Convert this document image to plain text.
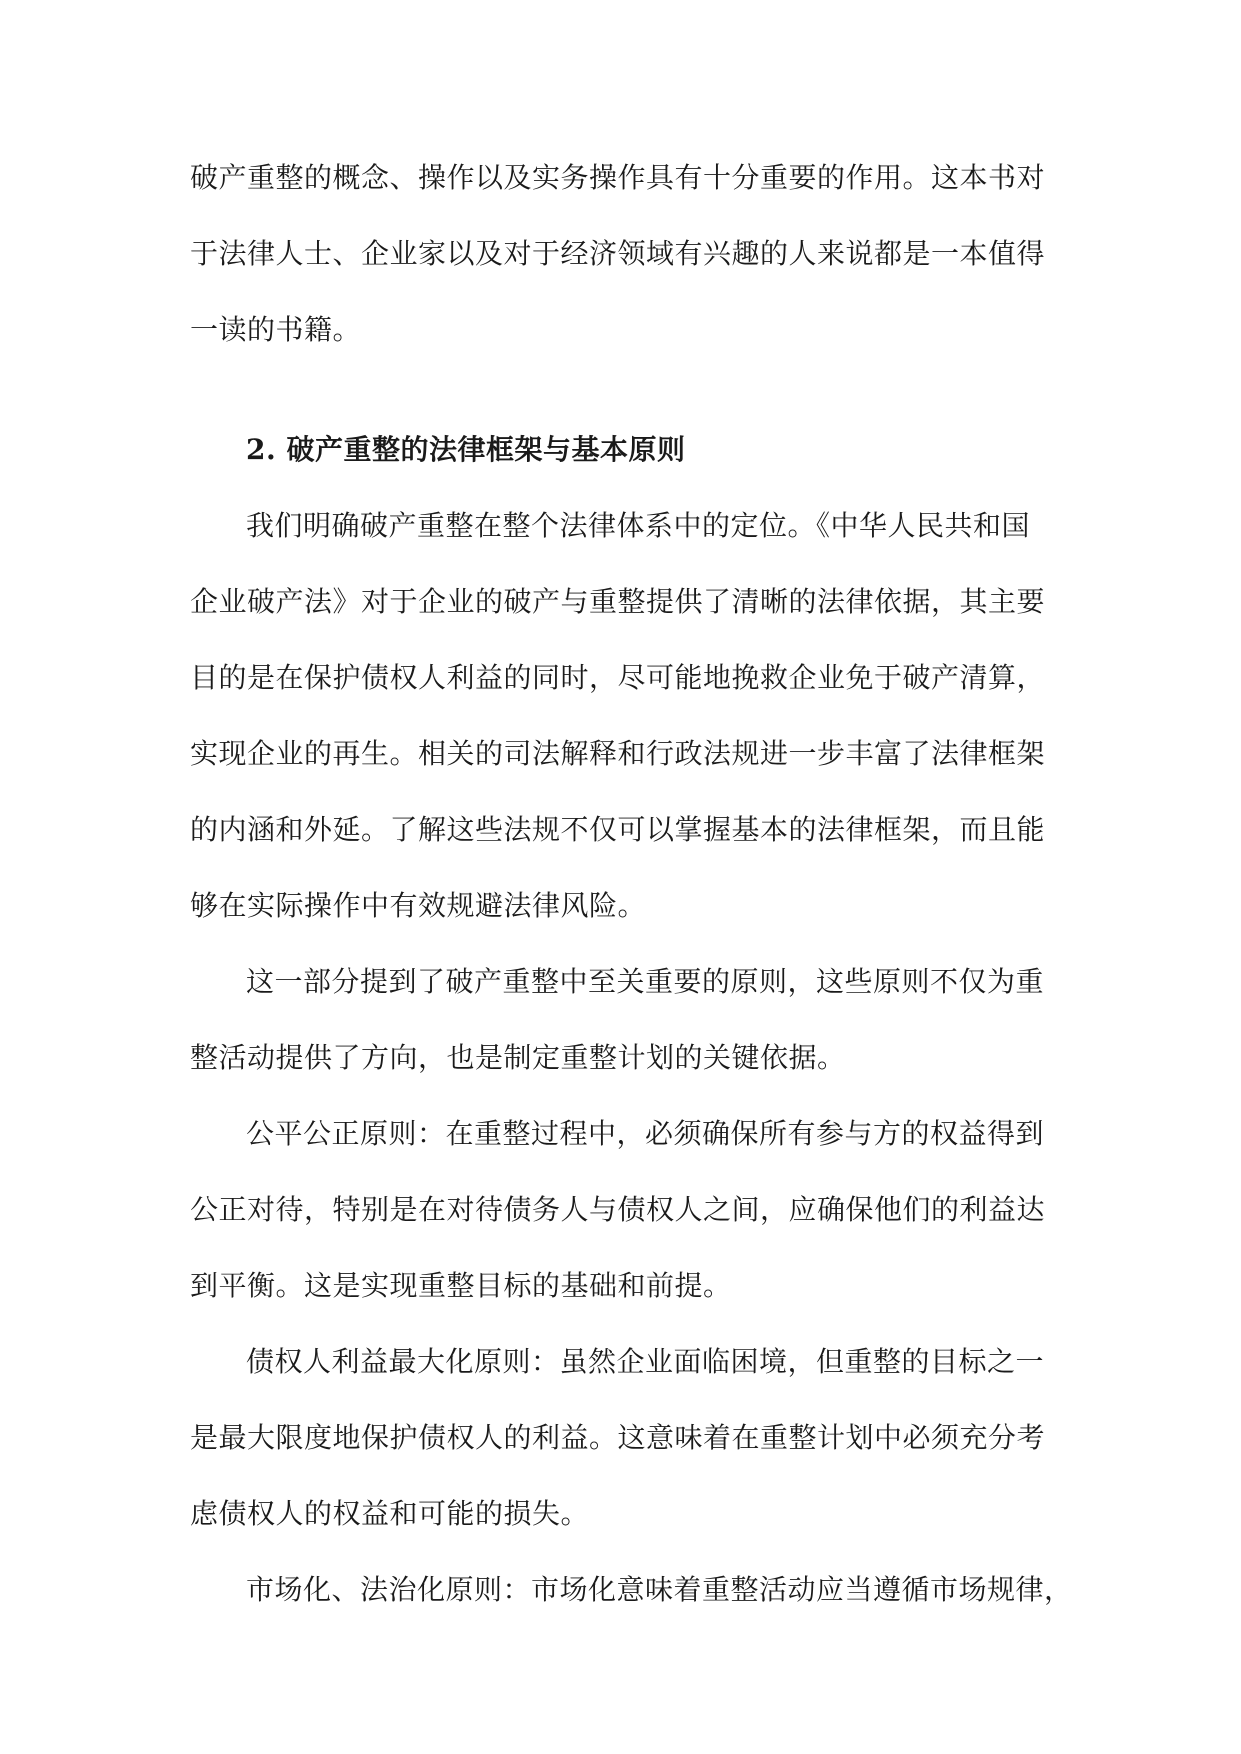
破产重整的概念、操作以及实务操作具有十分重要的作用。这本书对
于法律人士、企业家以及对于经济领域有兴趣的人来说都是一本值得
一读的书籍。
2. 破产重整的法律框架与基本原则
我们明确破产重整在整个法律体系中的定位。《中华人民共和国
企业破产法》对于企业的破产与重整提供了清晰的法律依据，其主要
目的是在保护债权人利益的同时，尽可能地挽救企业免于破产清算，
实现企业的再生。相关的司法解释和行政法规进一步丰富了法律框架
的内涵和外延。了解这些法规不仅可以掌握基本的法律框架，而且能
够在实际操作中有效规避法律风险。
这一部分提到了破产重整中至关重要的原则，这些原则不仅为重
整活动提供了方向，也是制定重整计划的关键依据。
公平公正原则：在重整过程中，必须确保所有参与方的权益得到
公正对待，特别是在对待债务人与债权人之间，应确保他们的利益达
到平衡。这是实现重整目标的基础和前提。
债权人利益最大化原则：虽然企业面临困境，但重整的目标之一
是最大限度地保护债权人的利益。这意味着在重整计划中必须充分考
虑债权人的权益和可能的损失。
市场化、法治化原则：市场化意味着重整活动应当遵循市场规律，
